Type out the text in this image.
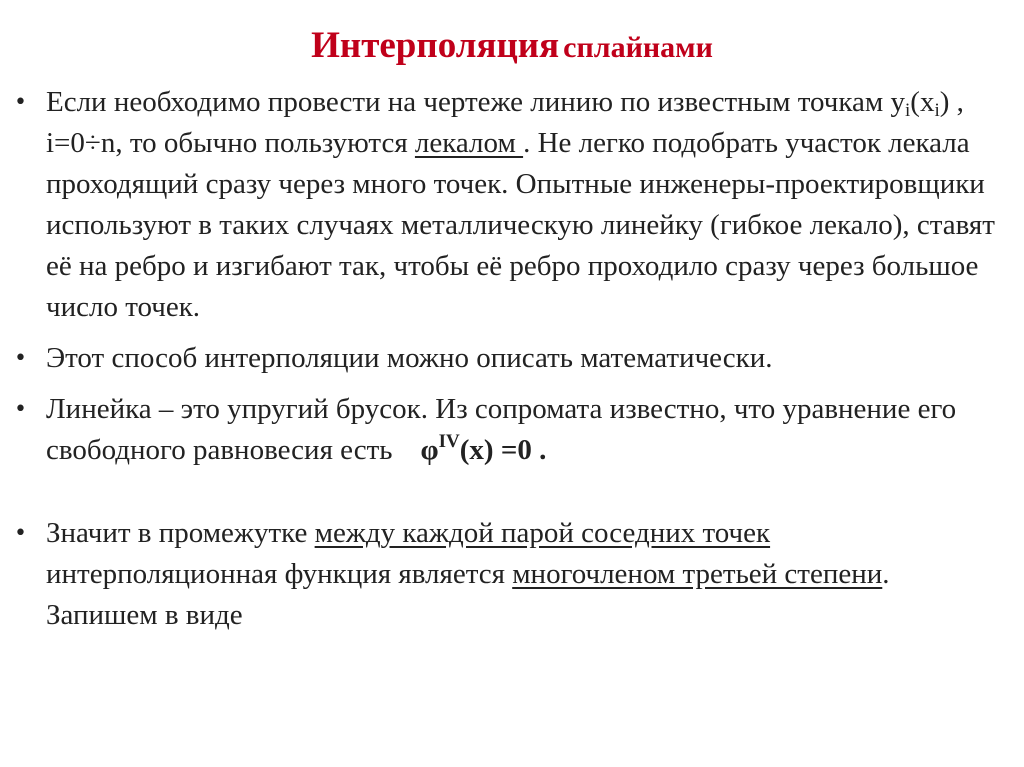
Интерполяция сплайнами
• Если необходимо провести на чертеже линию по известным точкам $y_i(x_i)$ , i=0÷n, то обычно пользуются лекалом . Не легко подобрать участок лекала проходящий сразу через много точек. Опытные инженеры-проектировщики используют в таких случаях металлическую линейку (гибкое лекало), ставят её на ребро и изгибают так, чтобы её ребро проходило сразу через большое число точек.
• Этот способ интерполяции можно описать математически.
• Линейка – это упругий брусок. Из сопромата известно, что уравнение его свободного равновесия есть $\varphi^{IV}(x) =0$ .
• Значит в промежутке между каждой парой соседних точек интерполяционная функция является многочленом третьей степени. Запишем в виде
